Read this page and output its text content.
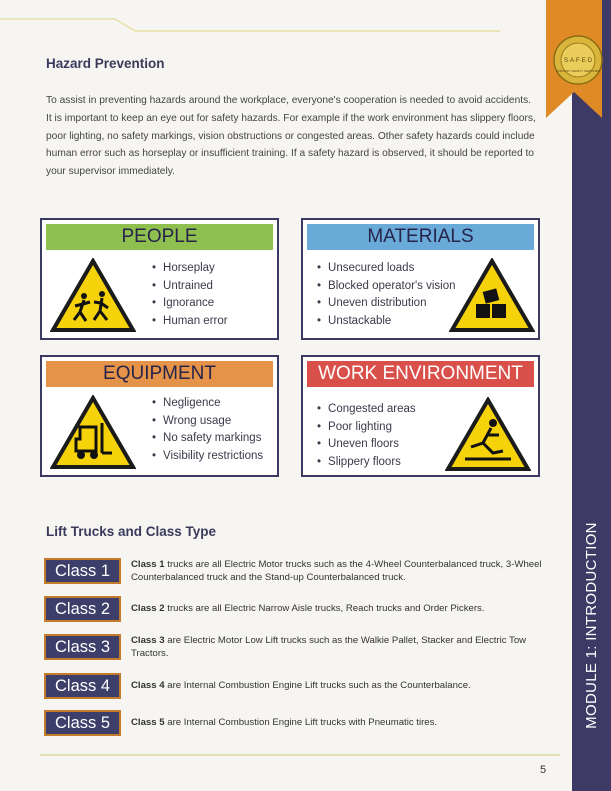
MODULE 1: INTRODUCTION
S·A·F·E·D
FORKLIFT SAFETY CERTIFIED
Hazard Prevention

To assist in preventing hazards around the workplace, everyone's cooperation is needed to avoid accidents. It is important to keep an eye out for safety hazards. For example if the work environment has slippery floors, poor lighting, no safety markings, vision obstructions or congested areas. Other safety hazards could include human error such as horseplay or insufficient training. If a safety hazard is observed, it should be reported to your supervisor immediately.

PEOPLE
• Horseplay
• Untrained
• Ignorance
• Human error
MATERIALS
• Unsecured loads
• Blocked operator's vision
• Uneven distribution
• Unstackable
EQUIPMENT
• Negligence
• Wrong usage
• No safety markings
• Visibility restrictions
WORK ENVIRONMENT
• Congested areas
• Poor lighting
• Uneven floors
• Slippery floors
Lift Trucks and Class Type
Class 1	Class 1 trucks are all Electric Motor trucks such as the 4-Wheel Counterbalanced truck, 3-Wheel Counterbalanced truck and the Stand-up Counterbalanced truck.
Class 2	Class 2 trucks are all Electric Narrow Aisle trucks, Reach trucks and Order Pickers.
Class 3	Class 3 are Electric Motor Low Lift trucks such as the Walkie Pallet, Stacker and Electric Tow Tractors.
Class 4	Class 4 are Internal Combustion Engine Lift trucks such as the Counterbalance.
Class 5	Class 5 are Internal Combustion Engine Lift trucks with Pneumatic tires.
5
